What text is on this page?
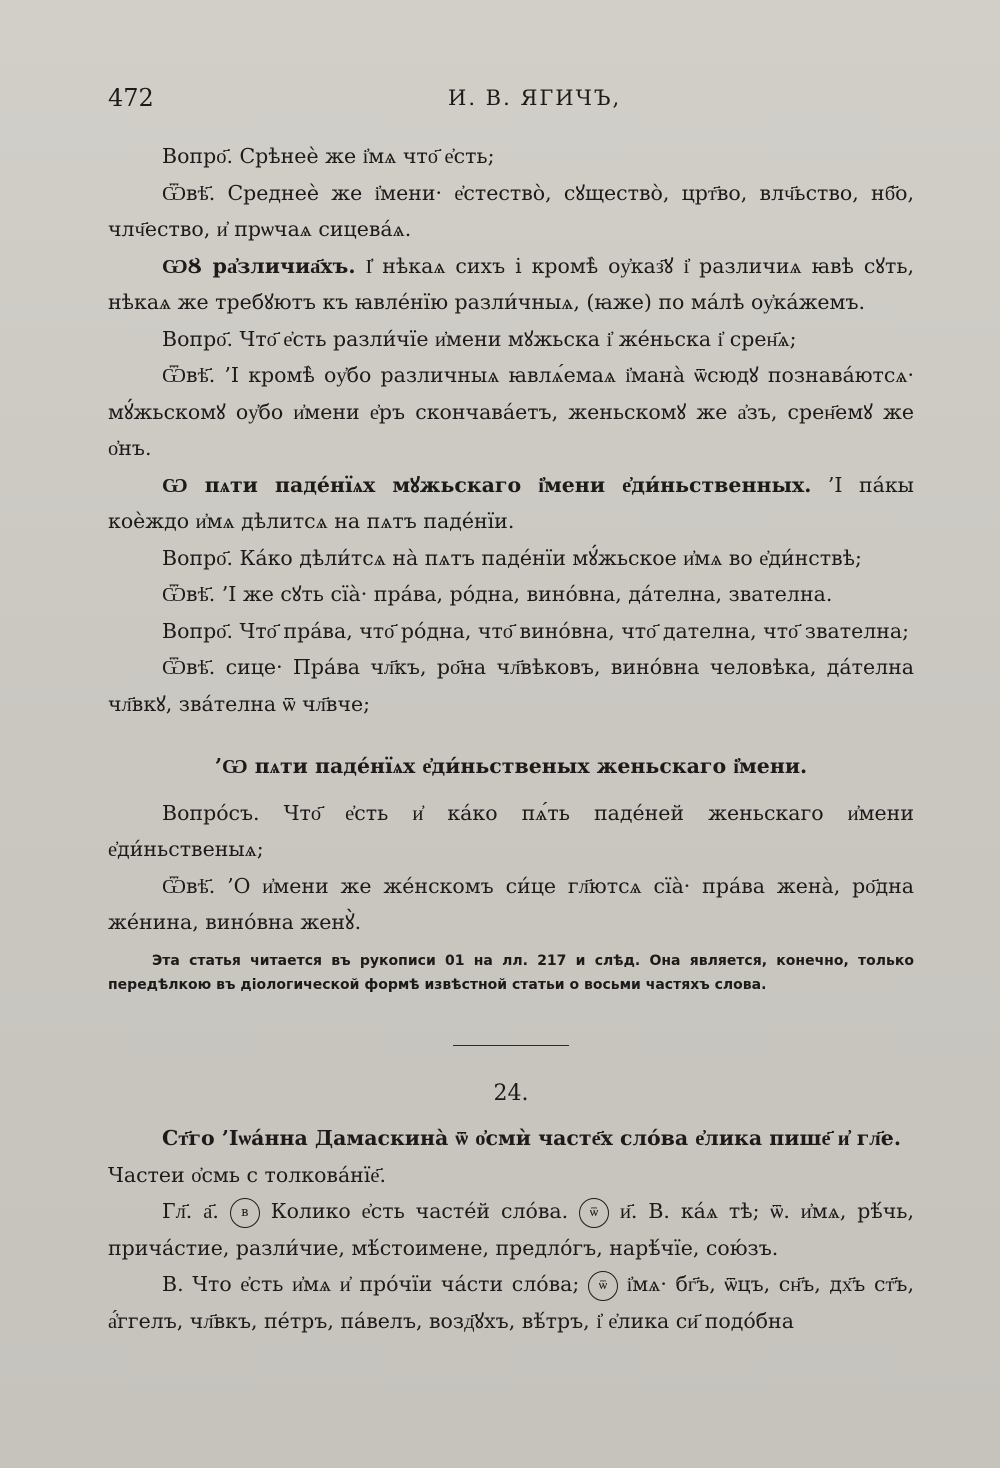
472	И. В. ЯГИЧЪ,

Вопро҃. Срѣнеѐ же і҆мѧ что҃ е҆сть;

Ѿвѣ҃. Среднеѐ же і҆мени· е҆стество̀, сꙋщество̀, црт҃во, влч҃ьство, нб҃о, члч҃ество, и҆ прѡчаѧ сицева́ѧ.

ѠȢ ра҆зличиа҃хъ. І҆ нѣкаѧ сихъ і кромѣ̀ оу҆каз҃ꙋ і҆ различиѧ ꙗвѣ сꙋть, нѣкаѧ же требꙋютъ къ ꙗвле́нїю разли́чныѧ, (ꙗже) по ма́лѣ оу҆ка́жемъ.

Вопро҃. Что҃ е҆сть разли́чїе и҆мени мꙋжьска і҆ же́ньска і҆ срен҃ѧ;

Ѿвѣ҃. ’І кромѣ̀ оу҆бо различныѧ ꙗвлѧ́емаѧ і҆мана̀ ѿсюдꙋ познава́ютсѧ· мꙋ́жьскомꙋ оу҆бо и҆мени е҆ръ скончава́етъ, женьскомꙋ же а҆зъ, срен҃емꙋ же о҆нъ.

Ѡ пѧти паде́нїѧх мꙋжьскаго і҆мени е҆ди́ньственных. ’І па́кы коѐждо и҆мѧ дѣлитсѧ на пѧтъ паде́нїи.

Вопро҃. Ка́ко дѣли́тсѧ на̀ пѧтъ паде́нїи мꙋ́жьское и҆мѧ во е҆ди́нствѣ;

Ѿвѣ҃. ’І же сꙋть сїа̀· пра́ва, ро́дна, вино́вна, да́телна, звателна.

Вопро҃. Что҃ пра́ва, что҃ ро́дна, что҃ вино́вна, что҃ дателна, что҃ звателна;

Ѿвѣ҃. сице· Пра́ва чл҃къ, ро҃на чл҃вѣковъ, вино́вна человѣка, да́телна чл҃вкꙋ, зва́телна ѿ чл҃вче;

’Ѡ пѧти паде́нїѧх е҆ди́ньственых женьскаго і҆мени.

Вопро́съ. Что҃ е҆сть и҆ ка́ко пѧ́ть паде́ней женьскаго и҆мени е҆ди́ньственыѧ;

Ѿвѣ҃. ’О и҆мени же же́нскомъ си́це гл҃ютсѧ сїа̀· пра́ва жена̀, ро҃дна же́нина, вино́вна женꙋ̀.

Эта статья читается въ рукописи 01 на лл. 217 и слѣд. Она является, конечно, только передѣлкою въ діологической формѣ извѣстной статьи о восьми частяхъ слова.

24.

Ст҃го ’Іѡа́нна Дамаскина̀ ѿ о҆смѝ часте҃х сло́ва е҆лика пише҃ и҆ гл҃е.

Частеи о҆смь с толкова́нїе҃.

Гл҃. а҃. в Колико е҆сть часте́й сло́ва. ѿ и҃. В. ка́ѧ тѣ; ѿ. и҆мѧ, рѣ́чь, прича́стие, разли́чие, мѣ́стоимене, предло́гъ, нарѣ́чїе, сою́зъ.

В. Что е҆сть и҆мѧ и҆ про́чїи ча́сти сло́ва; ѿ і҆мѧ· бг҃ъ, ѿцъ, сн҃ъ, дх҃ъ ст҃ъ, а҆́ггелъ, чл҃вкъ, пе́тръ, па́велъ, возд҃ꙋхъ, вѣ́тръ, і҆ е҆лика си҃ подо́бна
